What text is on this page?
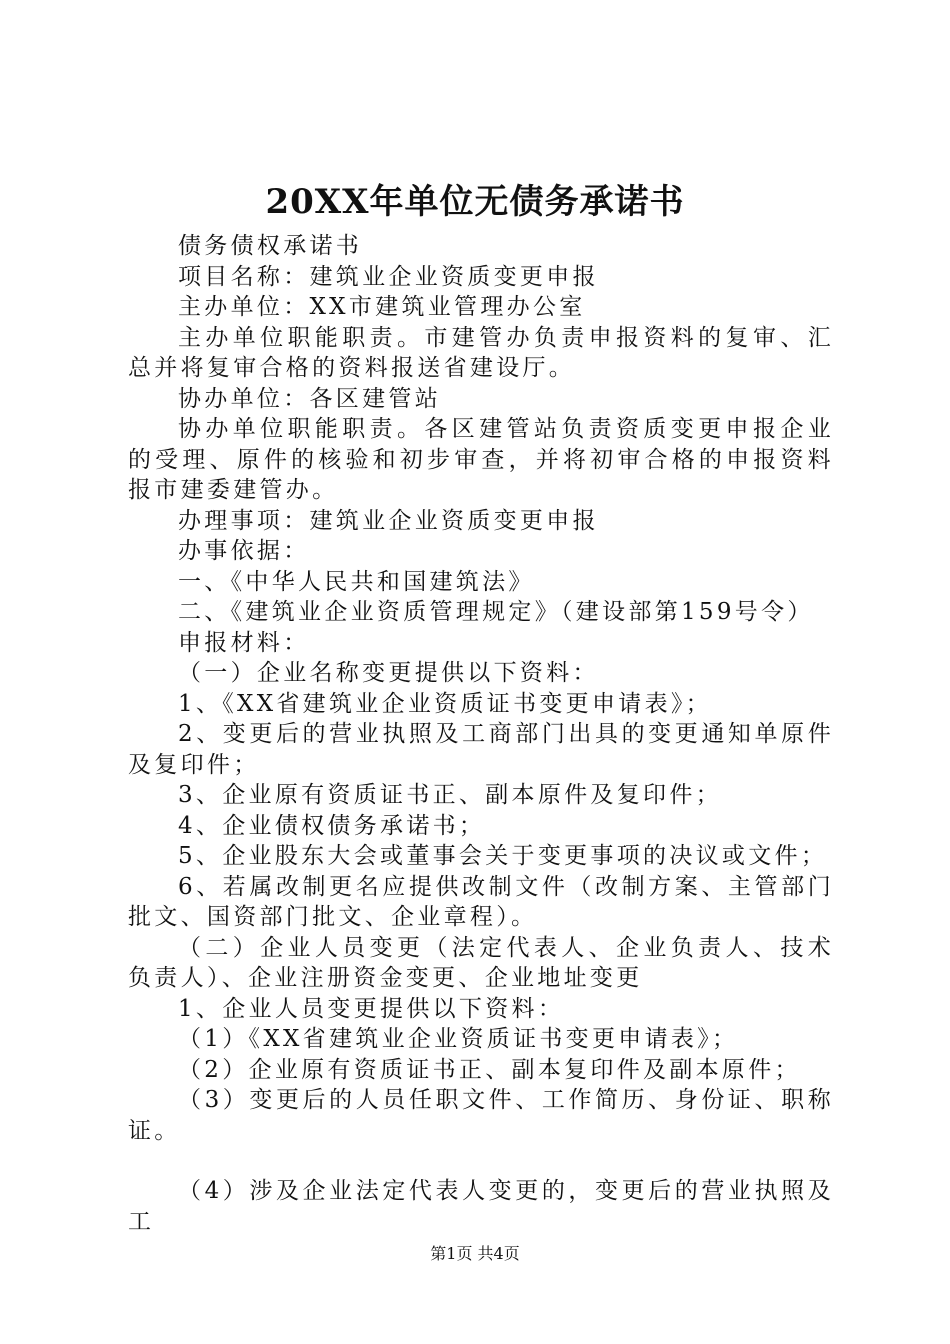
20XX年单位无债务承诺书

债务债权承诺书

项目名称：建筑业企业资质变更申报

主办单位：XX市建筑业管理办公室

主办单位职能职责。市建管办负责申报资料的复审、汇总并将复审合格的资料报送省建设厅。

协办单位：各区建管站

协办单位职能职责。各区建管站负责资质变更申报企业的受理、原件的核验和初步审查，并将初审合格的申报资料报市建委建管办。

办理事项：建筑业企业资质变更申报

办事依据：

一、《中华人民共和国建筑法》

二、《建筑业企业资质管理规定》（建设部第159号令）

申报材料：

（一）企业名称变更提供以下资料：

1、《XX省建筑业企业资质证书变更申请表》；

2、变更后的营业执照及工商部门出具的变更通知单原件及复印件；

3、企业原有资质证书正、副本原件及复印件；

4、企业债权债务承诺书；

5、企业股东大会或董事会关于变更事项的决议或文件；

6、若属改制更名应提供改制文件（改制方案、主管部门批文、国资部门批文、企业章程）。

（二）企业人员变更（法定代表人、企业负责人、技术负责人）、企业注册资金变更、企业地址变更

1、企业人员变更提供以下资料：

（1）《XX省建筑业企业资质证书变更申请表》；

（2）企业原有资质证书正、副本复印件及副本原件；

（3）变更后的人员任职文件、工作简历、身份证、职称证。

（4）涉及企业法定代表人变更的，变更后的营业执照及工

第1页 共4页
